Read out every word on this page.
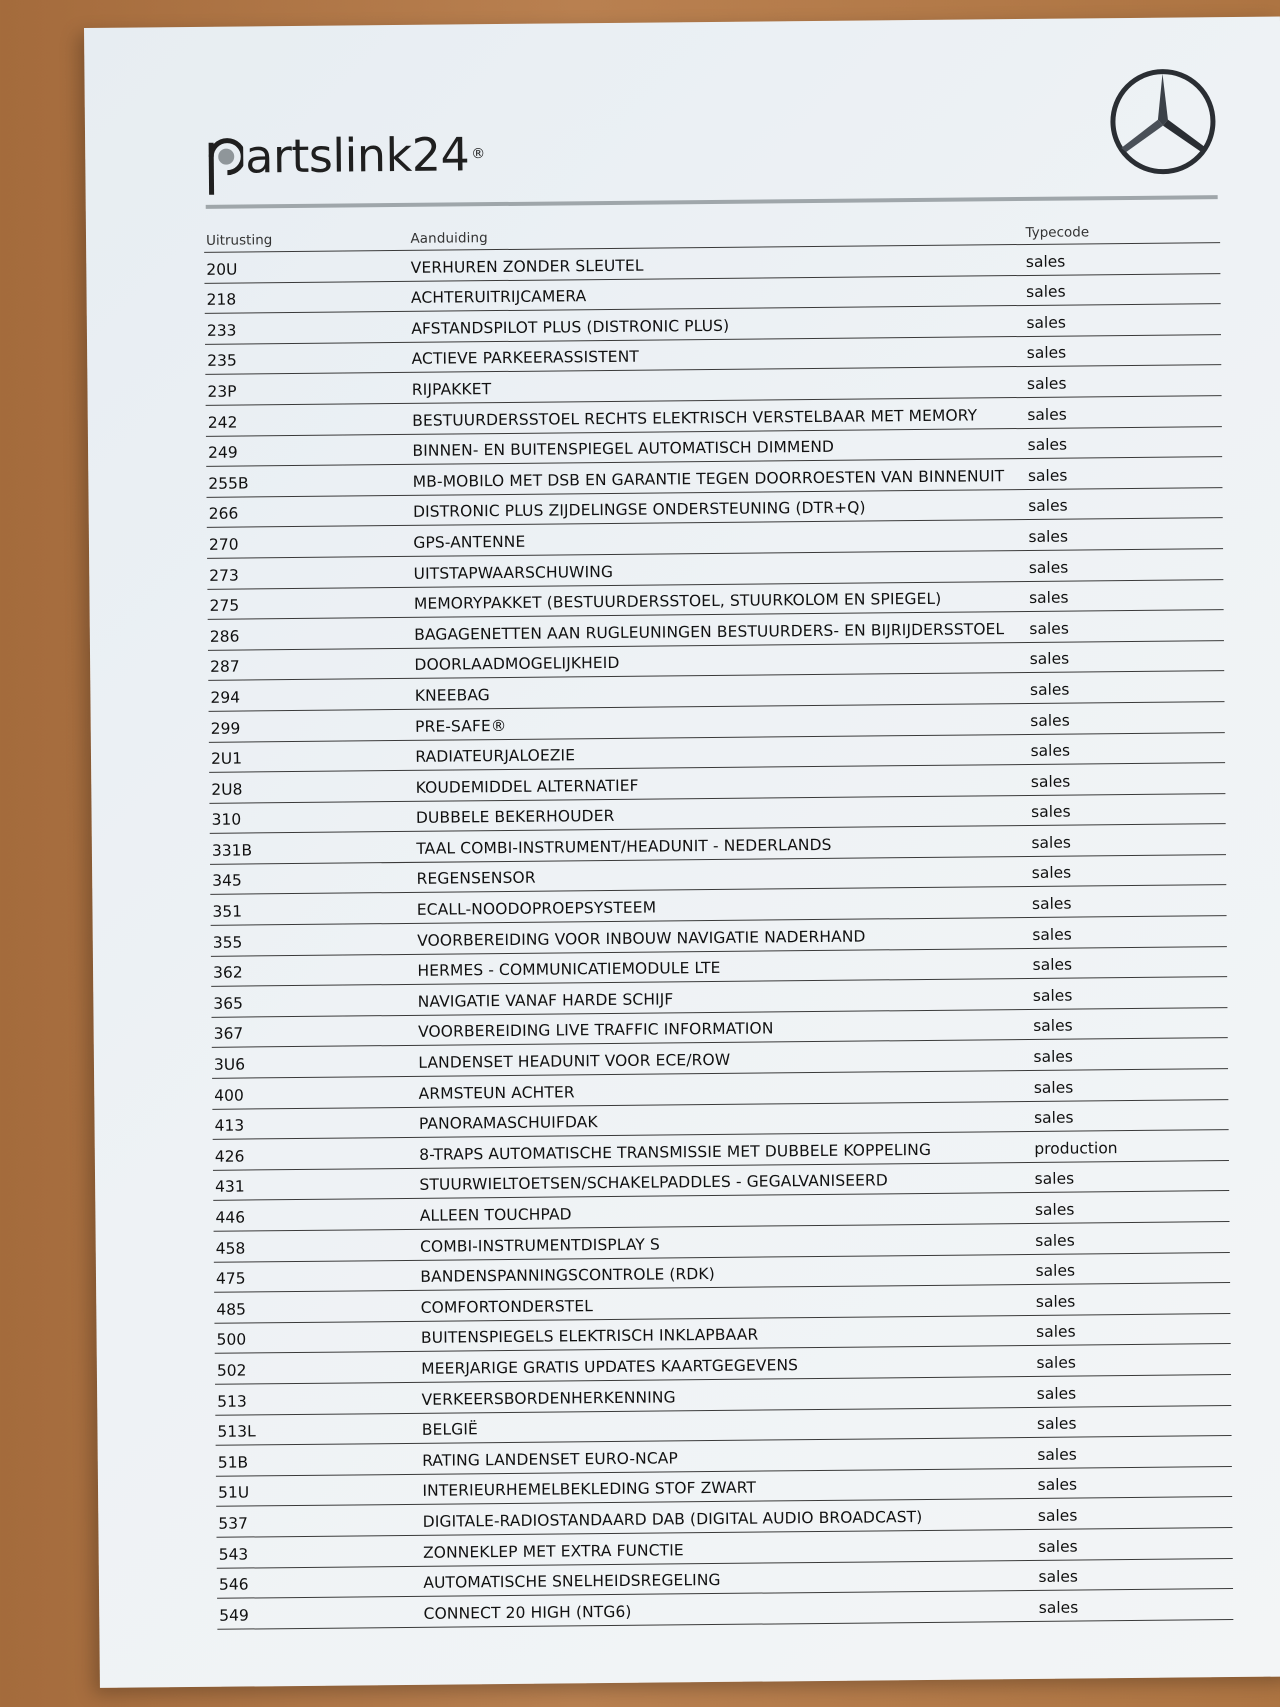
artslink24 ®
Uitrusting	Aanduiding	Typecode
20U	VERHUREN ZONDER SLEUTEL	sales
218	ACHTERUITRIJCAMERA	sales
233	AFSTANDSPILOT PLUS (DISTRONIC PLUS)	sales
235	ACTIEVE PARKEERASSISTENT	sales
23P	RIJPAKKET	sales
242	BESTUURDERSSTOEL RECHTS ELEKTRISCH VERSTELBAAR MET MEMORY	sales
249	BINNEN- EN BUITENSPIEGEL AUTOMATISCH DIMMEND	sales
255B	MB-MOBILO MET DSB EN GARANTIE TEGEN DOORROESTEN VAN BINNENUIT	sales
266	DISTRONIC PLUS ZIJDELINGSE ONDERSTEUNING (DTR+Q)	sales
270	GPS-ANTENNE	sales
273	UITSTAPWAARSCHUWING	sales
275	MEMORYPAKKET (BESTUURDERSSTOEL, STUURKOLOM EN SPIEGEL)	sales
286	BAGAGENETTEN AAN RUGLEUNINGEN BESTUURDERS- EN BIJRIJDERSSTOEL	sales
287	DOORLAADMOGELIJKHEID	sales
294	KNEEBAG	sales
299	PRE-SAFE®	sales
2U1	RADIATEURJALOEZIE	sales
2U8	KOUDEMIDDEL ALTERNATIEF	sales
310	DUBBELE BEKERHOUDER	sales
331B	TAAL COMBI-INSTRUMENT/HEADUNIT - NEDERLANDS	sales
345	REGENSENSOR	sales
351	ECALL-NOODOPROEPSYSTEEM	sales
355	VOORBEREIDING VOOR INBOUW NAVIGATIE NADERHAND	sales
362	HERMES - COMMUNICATIEMODULE LTE	sales
365	NAVIGATIE VANAF HARDE SCHIJF	sales
367	VOORBEREIDING LIVE TRAFFIC INFORMATION	sales
3U6	LANDENSET HEADUNIT VOOR ECE/ROW	sales
400	ARMSTEUN ACHTER	sales
413	PANORAMASCHUIFDAK	sales
426	8-TRAPS AUTOMATISCHE TRANSMISSIE MET DUBBELE KOPPELING	production
431	STUURWIELTOETSEN/SCHAKELPADDLES - GEGALVANISEERD	sales
446	ALLEEN TOUCHPAD	sales
458	COMBI-INSTRUMENTDISPLAY S	sales
475	BANDENSPANNINGSCONTROLE (RDK)	sales
485	COMFORTONDERSTEL	sales
500	BUITENSPIEGELS ELEKTRISCH INKLAPBAAR	sales
502	MEERJARIGE GRATIS UPDATES KAARTGEGEVENS	sales
513	VERKEERSBORDENHERKENNING	sales
513L	BELGIË	sales
51B	RATING LANDENSET EURO-NCAP	sales
51U	INTERIEURHEMELBEKLEDING STOF ZWART	sales
537	DIGITALE-RADIOSTANDAARD DAB (DIGITAL AUDIO BROADCAST)	sales
543	ZONNEKLEP MET EXTRA FUNCTIE	sales
546	AUTOMATISCHE SNELHEIDSREGELING	sales
549	CONNECT 20 HIGH (NTG6)	sales
